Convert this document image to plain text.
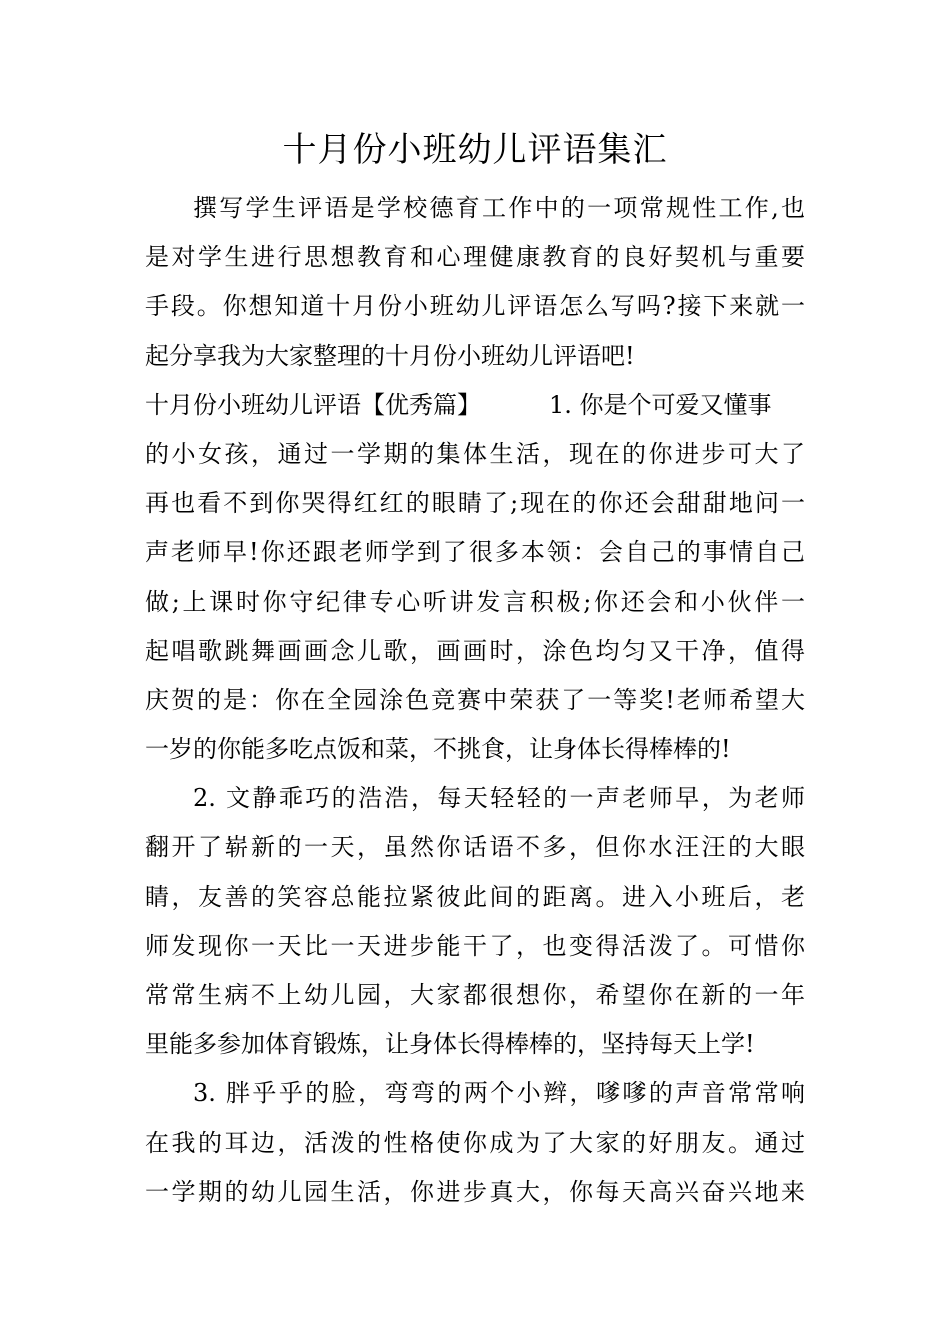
十月份小班幼儿评语集汇
撰写学生评语是学校德育工作中的一项常规性工作,也
是对学生进行思想教育和心理健康教育的良好契机与重要
手段。你想知道十月份小班幼儿评语怎么写吗?接下来就一
起分享我为大家整理的十月份小班幼儿评语吧!
十月份小班幼儿评语【优秀篇】	1. 你是个可爱又懂事
的小女孩，通过一学期的集体生活，现在的你进步可大了
再也看不到你哭得红红的眼睛了;现在的你还会甜甜地问一
声老师早!你还跟老师学到了很多本领：会自己的事情自己
做;上课时你守纪律专心听讲发言积极;你还会和小伙伴一
起唱歌跳舞画画念儿歌，画画时，涂色均匀又干净，值得
庆贺的是：你在全园涂色竞赛中荣获了一等奖!老师希望大
一岁的你能多吃点饭和菜，不挑食，让身体长得棒棒的!
2. 文静乖巧的浩浩，每天轻轻的一声老师早，为老师
翻开了崭新的一天，虽然你话语不多，但你水汪汪的大眼
睛，友善的笑容总能拉紧彼此间的距离。进入小班后，老
师发现你一天比一天进步能干了，也变得活泼了。可惜你
常常生病不上幼儿园，大家都很想你，希望你在新的一年
里能多参加体育锻炼，让身体长得棒棒的，坚持每天上学!
3. 胖乎乎的脸，弯弯的两个小辫，嗲嗲的声音常常响
在我的耳边，活泼的性格使你成为了大家的好朋友。通过
一学期的幼儿园生活，你进步真大，你每天高兴奋兴地来
